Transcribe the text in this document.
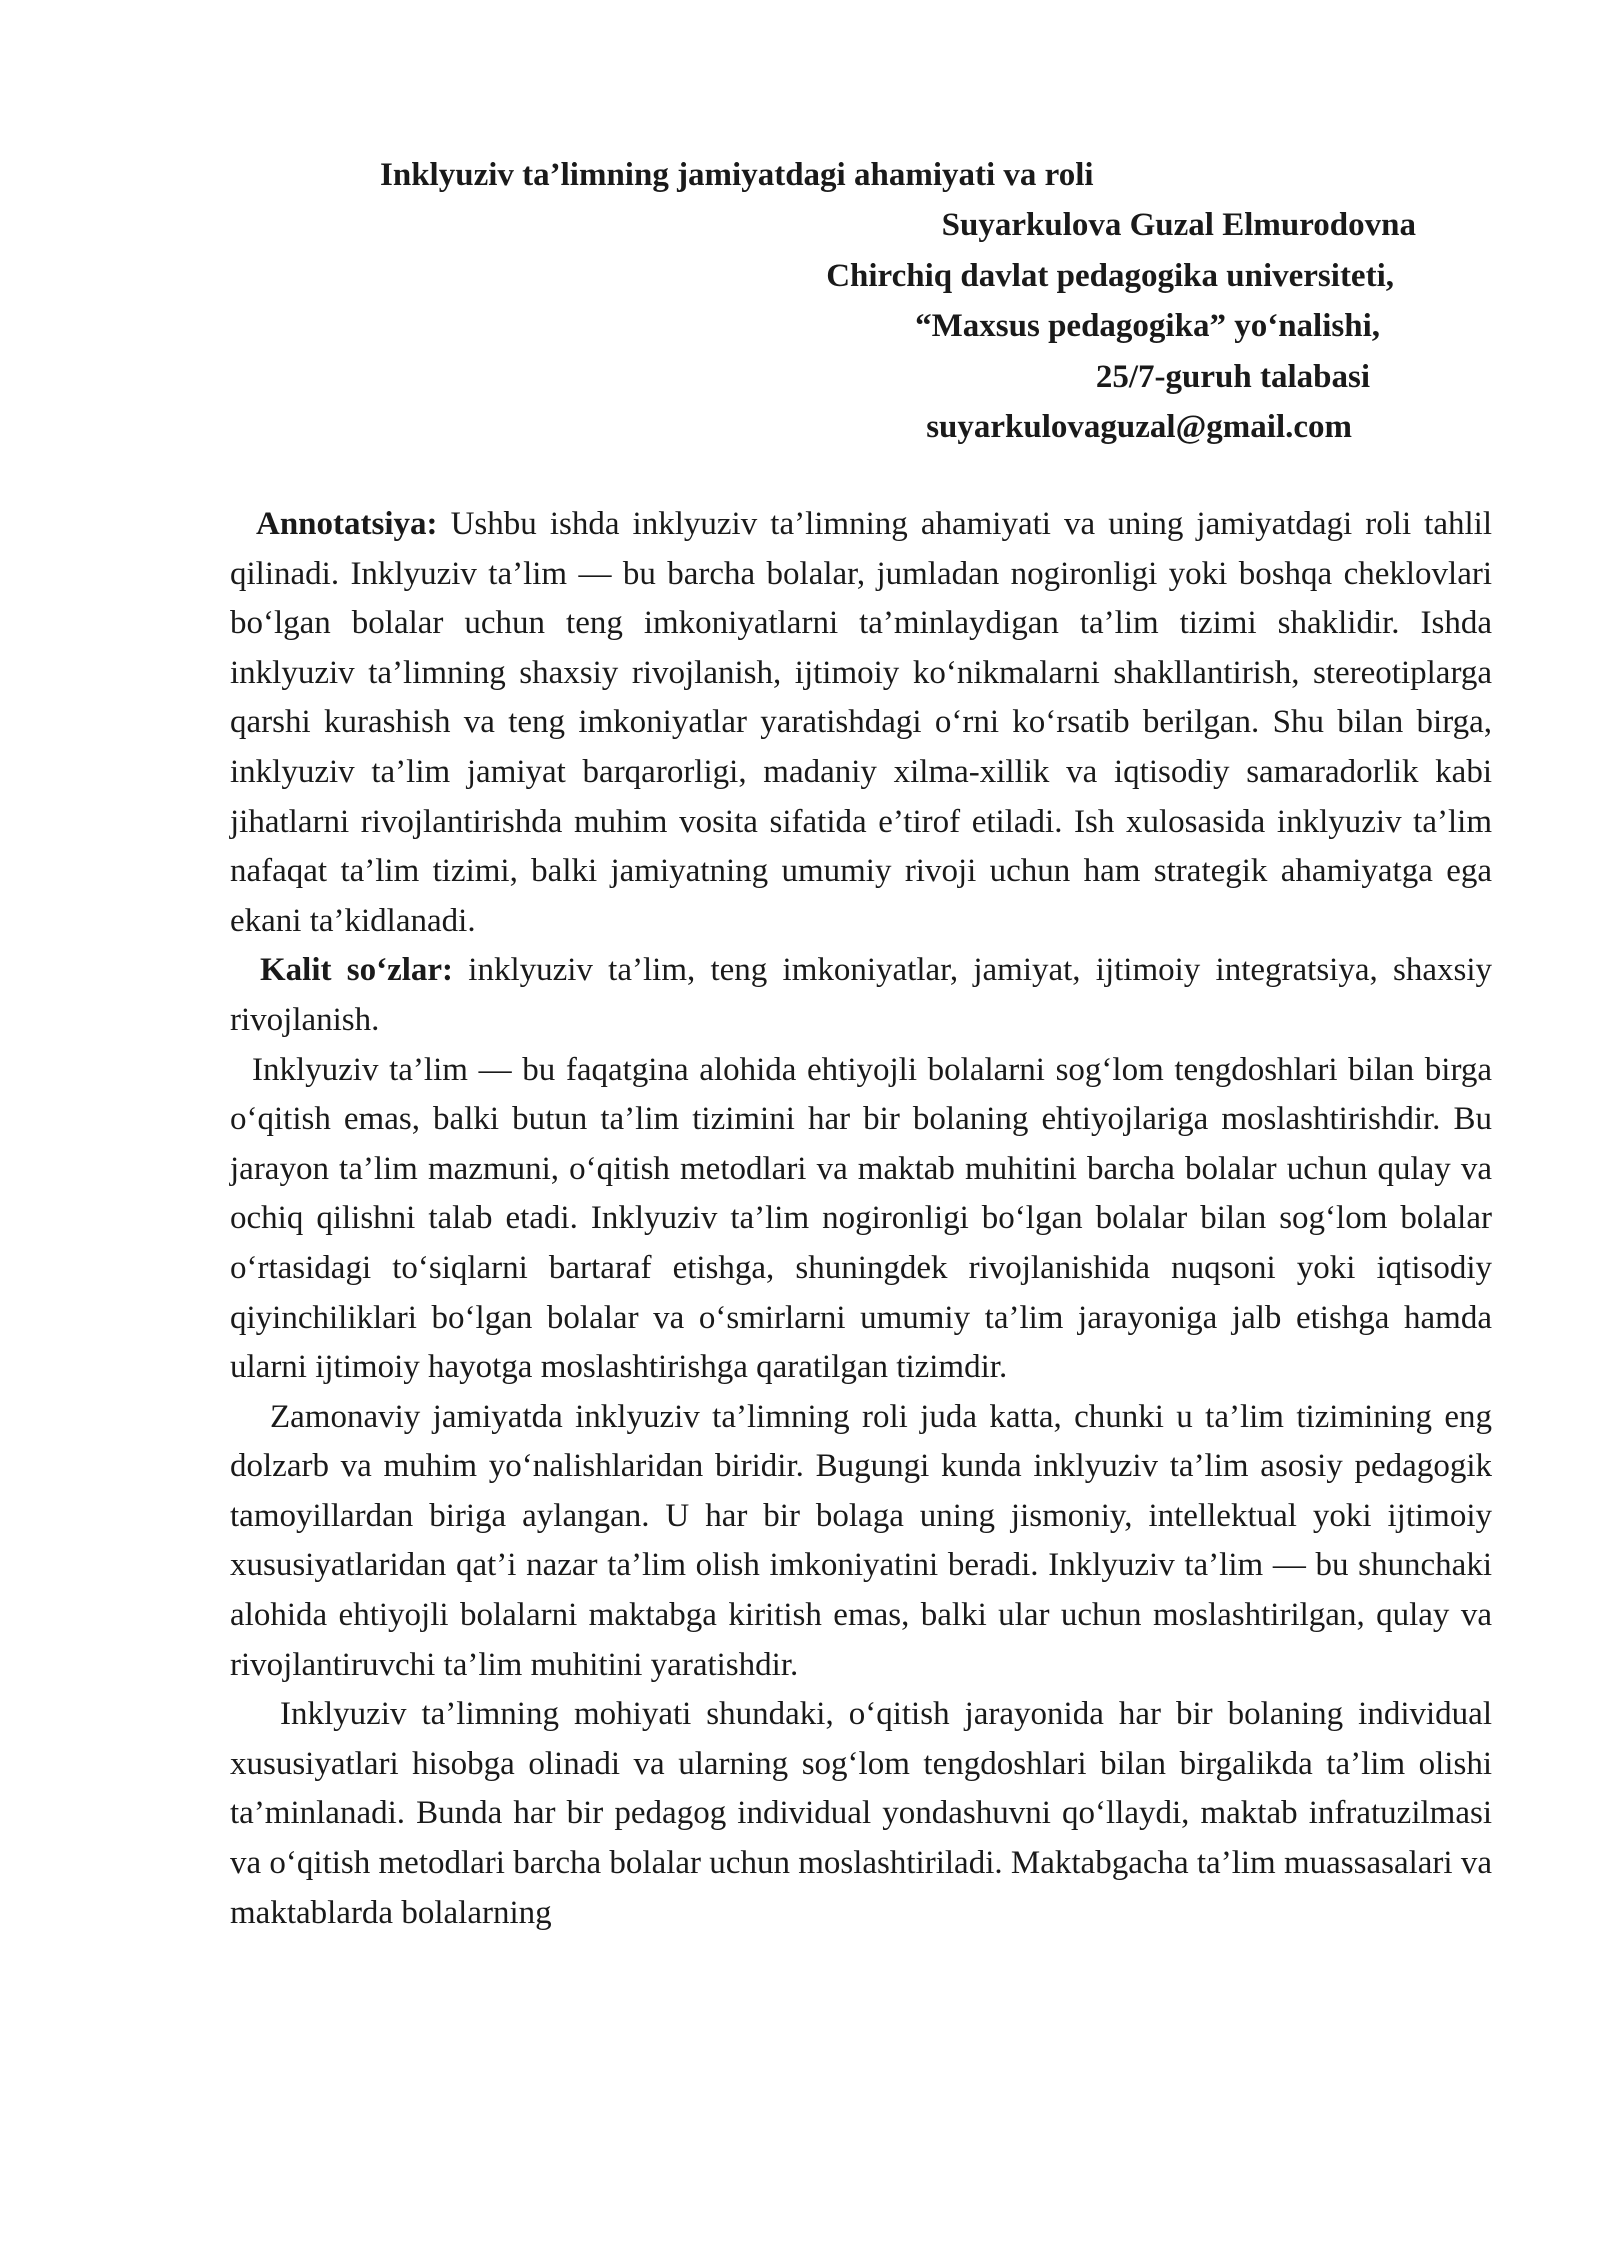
Inklyuziv ta’limning jamiyatdagi ahamiyati va roli
Suyarkulova Guzal Elmurodovna
Chirchiq davlat pedagogika universiteti,
“Maxsus pedagogika” yo‘nalishi,
25/7-guruh talabasi
suyarkulovaguzal@gmail.com

Annotatsiya: Ushbu ishda inklyuziv ta’limning ahamiyati va uning jamiyatdagi roli tahlil qilinadi. Inklyuziv ta’lim — bu barcha bolalar, jumladan nogironligi yoki boshqa cheklovlari bo‘lgan bolalar uchun teng imkoniyatlarni ta’minlaydigan ta’lim tizimi shaklidir. Ishda inklyuziv ta’limning shaxsiy rivojlanish, ijtimoiy ko‘nikmalarni shakllantirish, stereotiplarga qarshi kurashish va teng imkoniyatlar yaratishdagi o‘rni ko‘rsatib berilgan. Shu bilan birga, inklyuziv ta’lim jamiyat barqarorligi, madaniy xilma-xillik va iqtisodiy samaradorlik kabi jihatlarni rivojlantirishda muhim vosita sifatida e’tirof etiladi. Ish xulosasida inklyuziv ta’lim nafaqat ta’lim tizimi, balki jamiyatning umumiy rivoji uchun ham strategik ahamiyatga ega ekani ta’kidlanadi.

Kalit so‘zlar: inklyuziv ta’lim, teng imkoniyatlar, jamiyat, ijtimoiy integratsiya, shaxsiy rivojlanish.

Inklyuziv ta’lim — bu faqatgina alohida ehtiyojli bolalarni sog‘lom tengdoshlari bilan birga o‘qitish emas, balki butun ta’lim tizimini har bir bolaning ehtiyojlariga moslashtirishdir. Bu jarayon ta’lim mazmuni, o‘qitish metodlari va maktab muhitini barcha bolalar uchun qulay va ochiq qilishni talab etadi. Inklyuziv ta’lim nogironligi bo‘lgan bolalar bilan sog‘lom bolalar o‘rtasidagi to‘siqlarni bartaraf etishga, shuningdek rivojlanishida nuqsoni yoki iqtisodiy qiyinchiliklari bo‘lgan bolalar va o‘smirlarni umumiy ta’lim jarayoniga jalb etishga hamda ularni ijtimoiy hayotga moslashtirishga qaratilgan tizimdir.

Zamonaviy jamiyatda inklyuziv ta’limning roli juda katta, chunki u ta’lim tizimining eng dolzarb va muhim yo‘nalishlaridan biridir. Bugungi kunda inklyuziv ta’lim asosiy pedagogik tamoyillardan biriga aylangan. U har bir bolaga uning jismoniy, intellektual yoki ijtimoiy xususiyatlaridan qat’i nazar ta’lim olish imkoniyatini beradi. Inklyuziv ta’lim — bu shunchaki alohida ehtiyojli bolalarni maktabga kiritish emas, balki ular uchun moslashtirilgan, qulay va rivojlantiruvchi ta’lim muhitini yaratishdir.

Inklyuziv ta’limning mohiyati shundaki, o‘qitish jarayonida har bir bolaning individual xususiyatlari hisobga olinadi va ularning sog‘lom tengdoshlari bilan birgalikda ta’lim olishi ta’minlanadi. Bunda har bir pedagog individual yondashuvni qo‘llaydi, maktab infratuzilmasi va o‘qitish metodlari barcha bolalar uchun moslashtiriladi. Maktabgacha ta’lim muassasalari va maktablarda bolalarning
